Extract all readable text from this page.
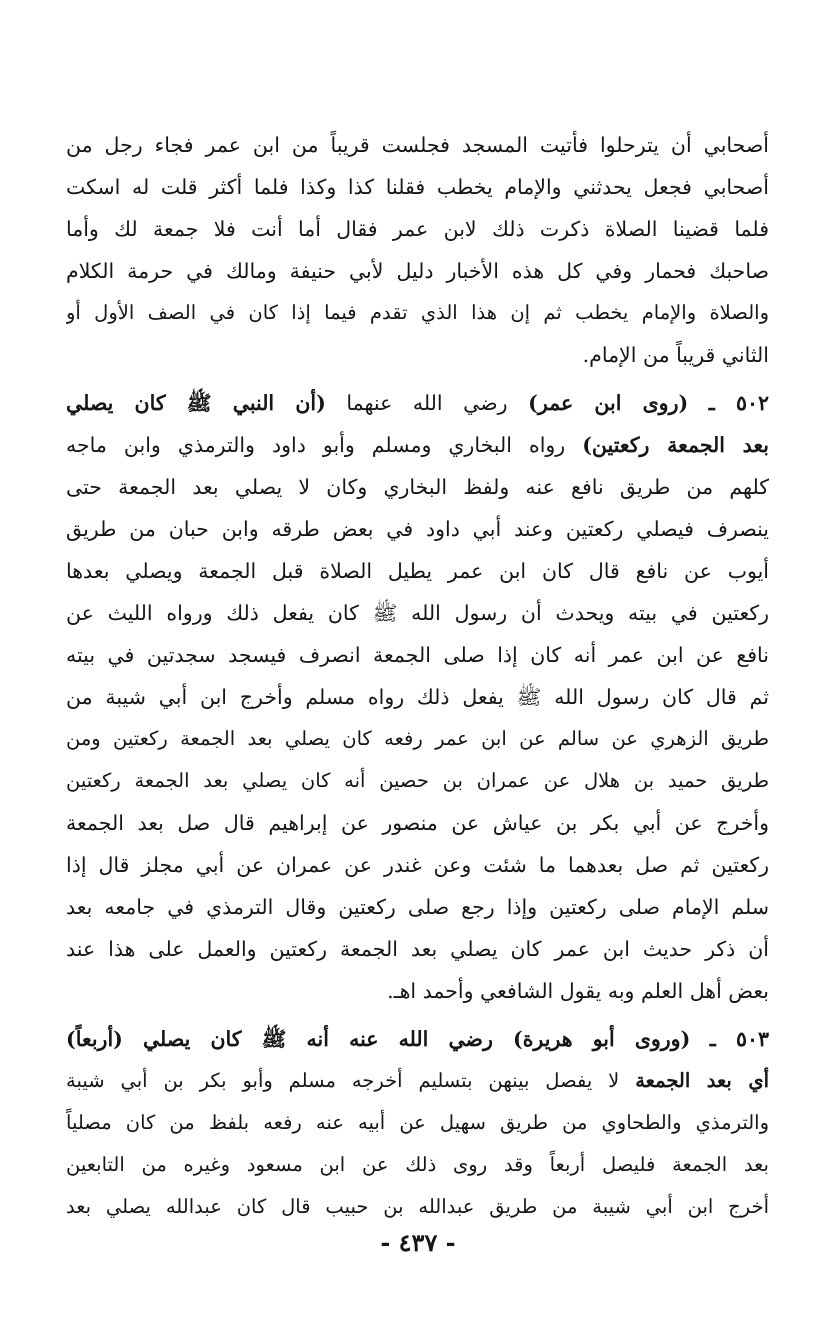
أصحابي أن يترحلوا فأتيت المسجد فجلست قريباً من ابن عمر فجاء رجل من
أصحابي فجعل يحدثني والإمام يخطب فقلنا كذا وكذا فلما أكثر قلت له اسكت
فلما قضينا الصلاة ذكرت ذلك لابن عمر فقال أما أنت فلا جمعة لك وأما
صاحبك فحمار وفي كل هذه الأخبار دليل لأبي حنيفة ومالك في حرمة الكلام
والصلاة والإمام يخطب ثم إن هذا الذي تقدم فيما إذا كان في الصف الأول أو
الثاني قريباً من الإمام.
٥٠٢ ـ (روى ابن عمر) رضي الله عنهما (أن النبي ﷺ كان يصلي
بعد الجمعة ركعتين) رواه البخاري ومسلم وأبو داود والترمذي وابن ماجه
كلهم من طريق نافع عنه ولفظ البخاري وكان لا يصلي بعد الجمعة حتى
ينصرف فيصلي ركعتين وعند أبي داود في بعض طرقه وابن حبان من طريق
أيوب عن نافع قال كان ابن عمر يطيل الصلاة قبل الجمعة ويصلي بعدها
ركعتين في بيته ويحدث أن رسول الله ﷺ كان يفعل ذلك ورواه الليث عن
نافع عن ابن عمر أنه كان إذا صلى الجمعة انصرف فيسجد سجدتين في بيته
ثم قال كان رسول الله ﷺ يفعل ذلك رواه مسلم وأخرج ابن أبي شيبة من
طريق الزهري عن سالم عن ابن عمر رفعه كان يصلي بعد الجمعة ركعتين ومن
طريق حميد بن هلال عن عمران بن حصين أنه كان يصلي بعد الجمعة ركعتين
وأخرج عن أبي بكر بن عياش عن منصور عن إبراهيم قال صل بعد الجمعة
ركعتين ثم صل بعدهما ما شئت وعن غندر عن عمران عن أبي مجلز قال إذا
سلم الإمام صلى ركعتين وإذا رجع صلى ركعتين وقال الترمذي في جامعه بعد
أن ذكر حديث ابن عمر كان يصلي بعد الجمعة ركعتين والعمل على هذا عند
بعض أهل العلم وبه يقول الشافعي وأحمد اهـ.
٥٠٣ ـ (وروى أبو هريرة) رضي الله عنه أنه ﷺ كان يصلي (أربعاً)
أي بعد الجمعة لا يفصل بينهن بتسليم أخرجه مسلم وأبو بكر بن أبي شيبة
والترمذي والطحاوي من طريق سهيل عن أبيه عنه رفعه بلفظ من كان مصلياً
بعد الجمعة فليصل أربعاً وقد روى ذلك عن ابن مسعود وغيره من التابعين
أخرج ابن أبي شيبة من طريق عبدالله بن حبيب قال كان عبدالله يصلي بعد
- ٤٣٧ -
